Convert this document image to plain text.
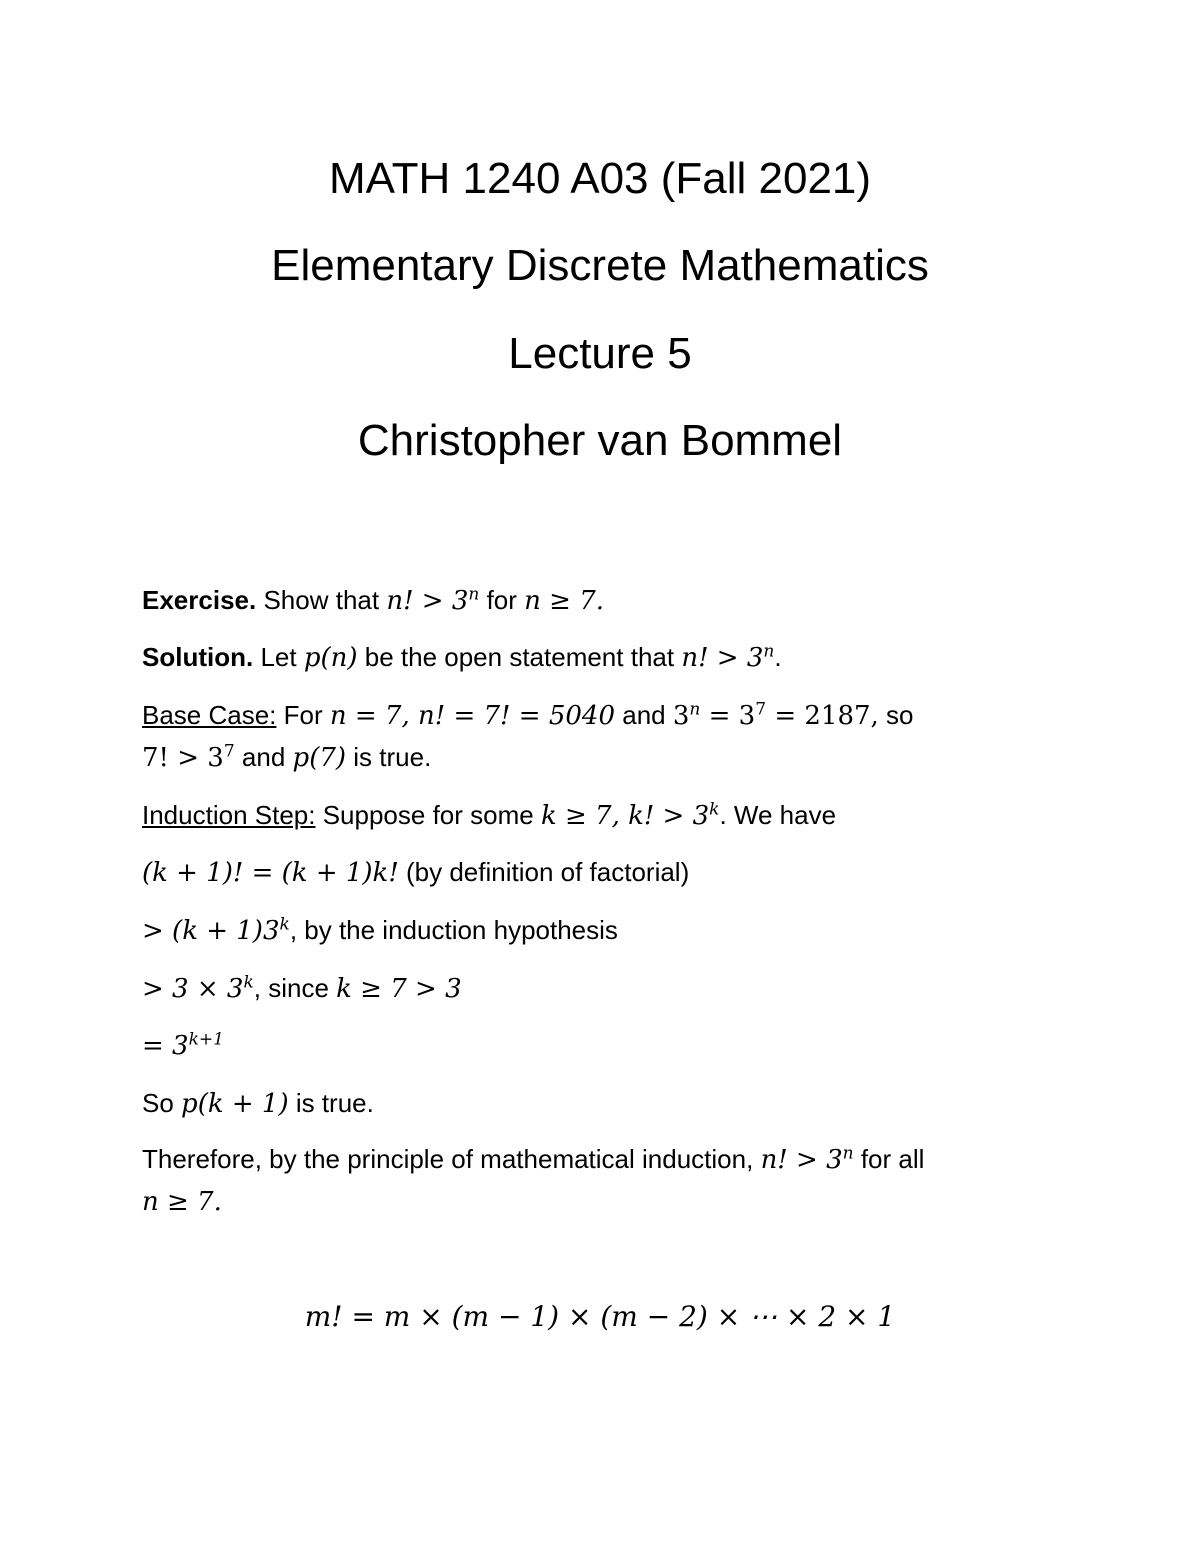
MATH 1240 A03 (Fall 2021)
Elementary Discrete Mathematics
Lecture 5
Christopher van Bommel
Exercise. Show that n! > $3^n$ for n ≥ 7.
Solution. Let p(n) be the open statement that n! > $3^n$.
Base Case: For n = 7, n! = 7! = 5040 and $3^n = 3^7 = 2187$, so
7! > $3^7$ and p(7) is true.
Induction Step: Suppose for some k ≥ 7, k! > $3^k$. We have
(k + 1)! = (k + 1)k! (by definition of factorial)
> $(k + 1)3^k$, by the induction hypothesis
> $3 \times 3^k$, since k ≥ 7 > 3
= $3^{k+1}$
So p(k + 1) is true.
Therefore, by the principle of mathematical induction, n! > $3^n$ for all
n ≥ 7.
m! = m × (m − 1) × (m − 2) × ⋯ × 2 × 1
